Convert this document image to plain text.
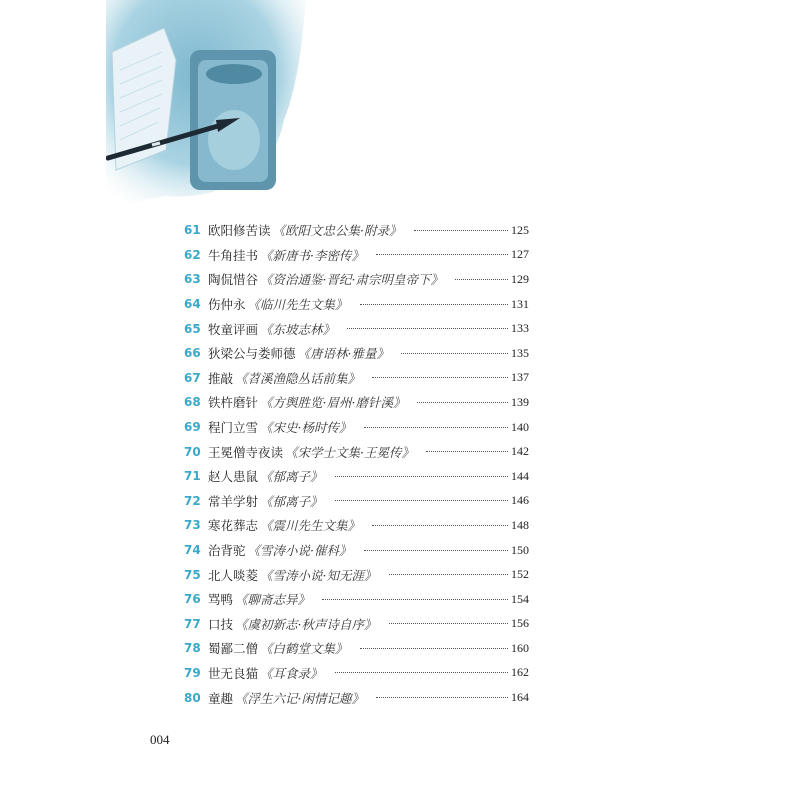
61 欧阳修苦读 《欧阳文忠公集·附录》	125
62 牛角挂书 《新唐书·李密传》	127
63 陶侃惜谷 《资治通鉴·晋纪·肃宗明皇帝下》	129
64 伤仲永 《临川先生文集》	131
65 牧童评画 《东坡志林》	133
66 狄梁公与娄师德 《唐语林·雅量》	135
67 推敲 《苕溪渔隐丛话前集》	137
68 铁杵磨针 《方舆胜览·眉州·磨针溪》	139
69 程门立雪 《宋史·杨时传》	140
70 王冕僧寺夜读 《宋学士文集·王冕传》	142
71 赵人患鼠 《郁离子》	144
72 常羊学射 《郁离子》	146
73 寒花葬志 《震川先生文集》	148
74 治背驼 《雪涛小说·催科》	150
75 北人啖菱 《雪涛小说·知无涯》	152
76 骂鸭 《聊斋志异》	154
77 口技 《虞初新志·秋声诗自序》	156
78 蜀鄙二僧 《白鹤堂文集》	160
79 世无良猫 《耳食录》	162
80 童趣 《浮生六记·闲情记趣》	164
004
